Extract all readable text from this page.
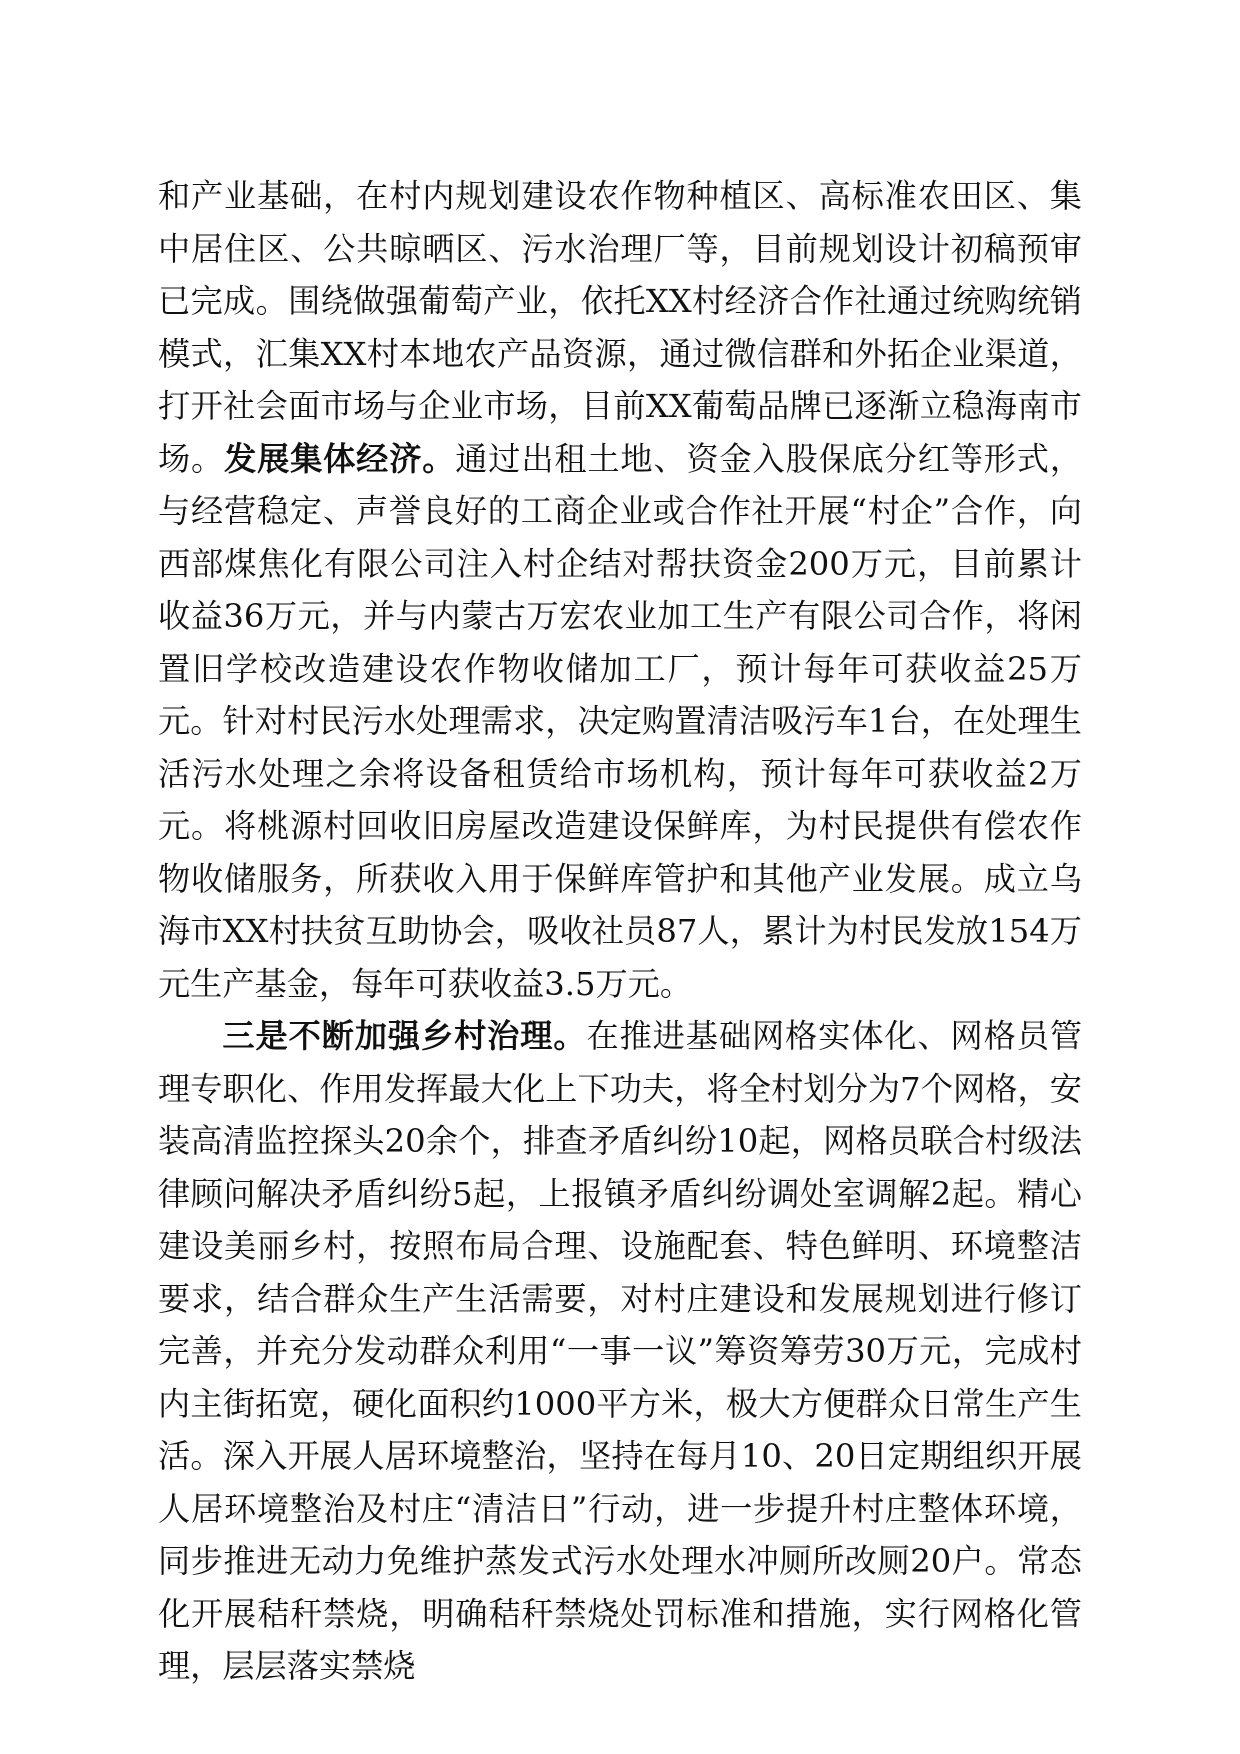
和产业基础，在村内规划建设农作物种植区、高标准农田区、集中居住区、公共晾晒区、污水治理厂等，目前规划设计初稿预审已完成。围绕做强葡萄产业，依托XX村经济合作社通过统购统销模式，汇集XX村本地农产品资源，通过微信群和外拓企业渠道，打开社会面市场与企业市场，目前XX葡萄品牌已逐渐立稳海南市场。发展集体经济。通过出租土地、资金入股保底分红等形式，与经营稳定、声誉良好的工商企业或合作社开展“村企”合作，向西部煤焦化有限公司注入村企结对帮扶资金200万元，目前累计收益36万元，并与内蒙古万宏农业加工生产有限公司合作，将闲置旧学校改造建设农作物收储加工厂，预计每年可获收益25万元。针对村民污水处理需求，决定购置清洁吸污车1台，在处理生活污水处理之余将设备租赁给市场机构，预计每年可获收益2万元。将桃源村回收旧房屋改造建设保鲜库，为村民提供有偿农作物收储服务，所获收入用于保鲜库管护和其他产业发展。成立乌海市XX村扶贫互助协会，吸收社员87人，累计为村民发放154万元生产基金，每年可获收益3.5万元。

三是不断加强乡村治理。在推进基础网格实体化、网格员管理专职化、作用发挥最大化上下功夫，将全村划分为7个网格，安装高清监控探头20余个，排查矛盾纠纷10起，网格员联合村级法律顾问解决矛盾纠纷5起，上报镇矛盾纠纷调处室调解2起。精心建设美丽乡村，按照布局合理、设施配套、特色鲜明、环境整洁要求，结合群众生产生活需要，对村庄建设和发展规划进行修订完善，并充分发动群众利用“一事一议”筹资筹劳30万元，完成村内主街拓宽，硬化面积约1000平方米，极大方便群众日常生产生活。深入开展人居环境整治，坚持在每月10、20日定期组织开展人居环境整治及村庄“清洁日”行动，进一步提升村庄整体环境，同步推进无动力免维护蒸发式污水处理水冲厕所改厕20户。常态化开展秸秆禁烧，明确秸秆禁烧处罚标准和措施，实行网格化管理，层层落实禁烧
